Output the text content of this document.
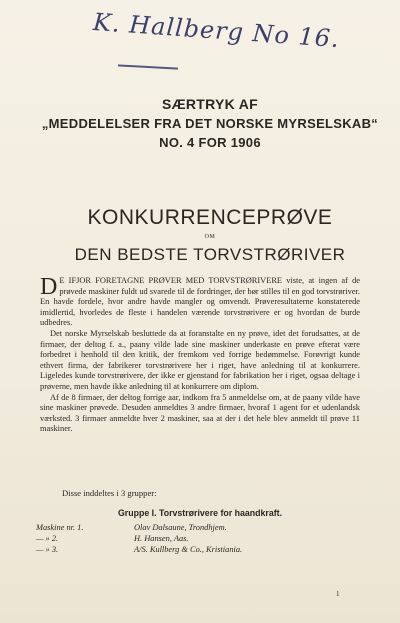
K. Hallberg No 16.
SÆRTRYK AF
„MEDDELELSER FRA DET NORSKE MYRSELSKAB“
NO. 4 FOR 1906
KONKURRENCEPRØVE
OM
DEN BEDSTE TORVSTRØRIVER

D E IFJOR FORETAGNE PRØVER MED TORVSTRØRIVERE viste, at ingen af de prøvede maskiner fuldt ud svarede til de fordringer, der bør stilles til en god torvstrøriver. En havde fordele, hvor andre havde mangler og omvendt. Prøveresultaterne konstaterede imidlertid, hvorledes de fleste i handelen værende torvstrørivere er og hvordan de burde udbedres.

Det norske Myrselskab besluttede da at foranstalte en ny prøve, idet det forudsattes, at de firmaer, der deltog f. a., paany vilde lade sine maskiner underkaste en prøve efterat være forbedret i henhold til den kritik, der fremkom ved forrige bedømmelse. Forøvrigt kunde ethvert firma, der fabrikerer torvstrørivere her i riget, have anledning til at konkurrere. Ligeledes kunde torvstrørivere, der ikke er gjenstand for fabrikation her i riget, ogsaa deltage i prøverne, men havde ikke anledning til at konkurrere om diplom.

Af de 8 firmaer, der deltog forrige aar, indkom fra 5 anmeldelse om, at de paany vilde have sine maskiner prøvede. Desuden anmeldtes 3 andre firmaer, hvoraf 1 agent for et udenlandsk værksted. 3 firmaer anmeldte hver 2 maskiner, saa at der i det hele blev anmeldt til prøve 11 maskiner.

Disse inddeltes i 3 grupper:
Gruppe I. Torvstrørivere for haandkraft.
Maskine nr. 1.	Olav Dalsaune, Trondhjem.
— » 2.	H. Hansen, Aas.
— » 3.	A/S. Kullberg & Co., Kristiania.
1
